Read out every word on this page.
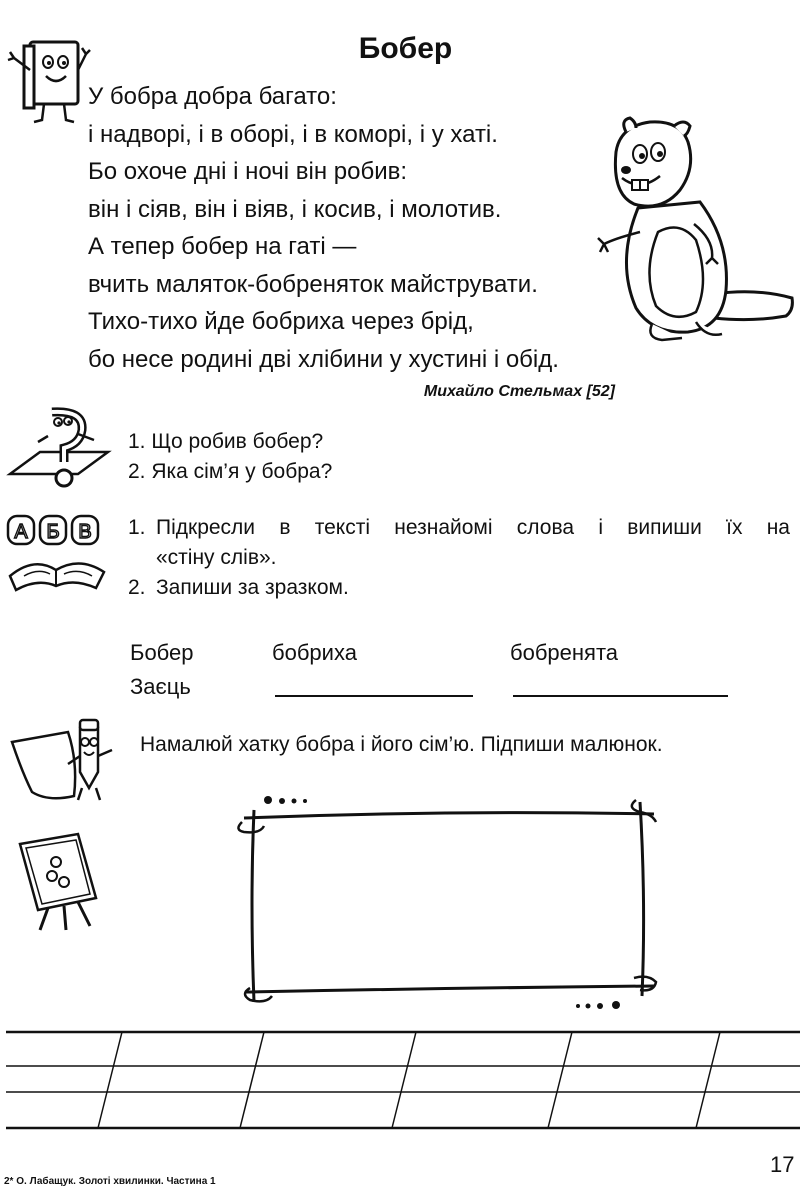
Бобер
У бобра добра багато:
і надворі, і в оборі, і в коморі, і у хаті.
Бо охоче дні і ночі він робив:
він і сіяв, він і віяв, і косив, і молотив.
А тепер бобер на гаті —
вчить маляток-бобреняток майструвати.
Тихо-тихо йде бобриха через брід,
бо несе родині дві хлібини у хустині і обід.
Михайло Стельмах [52]
1. Що робив бобер?
2. Яка сім’я у бобра?
А Б В 1. Підкресли в тексті незнайомі слова і випиши їх на
«стіну слів».
2. Запиши за зразком.
Бобер	бобриха	бобренята
Заєць
Намалюй хатку бобра і його сім’ю. Підпиши малюнок.
17
2* О. Лабащук. Золоті хвилинки. Частина 1
